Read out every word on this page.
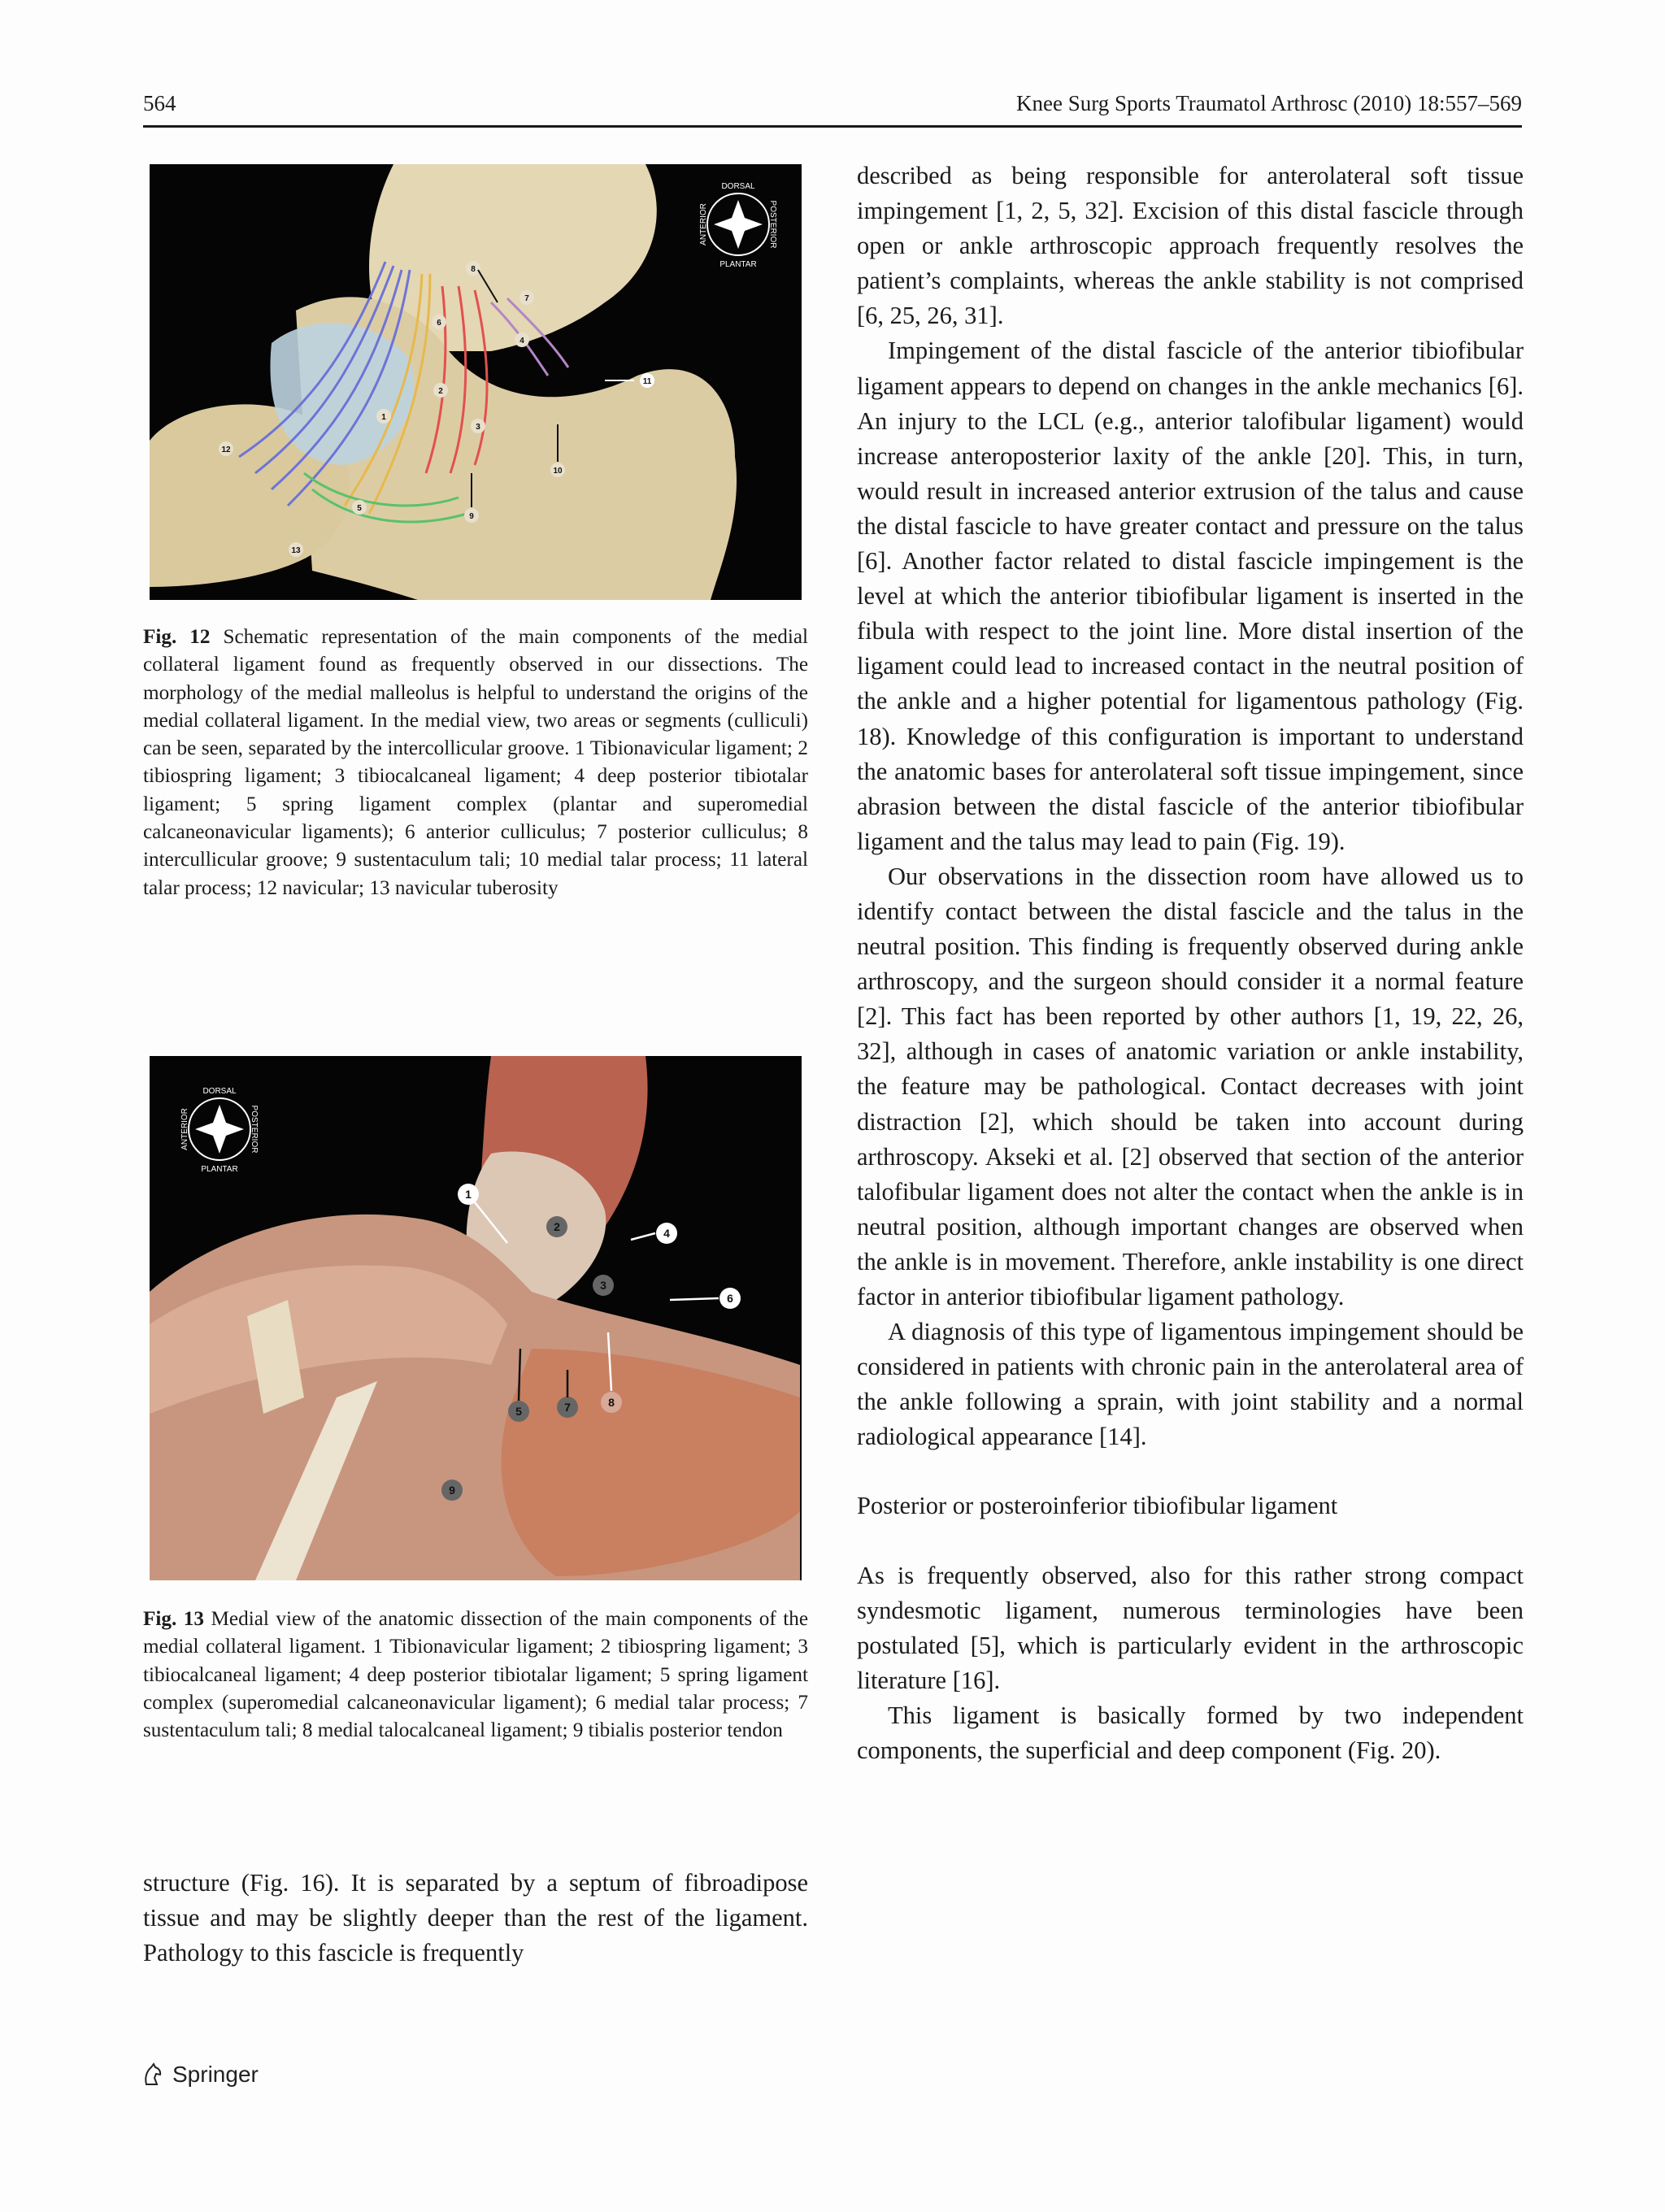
564	Knee Surg Sports Traumatol Arthrosc (2010) 18:557–569
DORSAL
PLANTAR
ANTERIOR	POSTERIOR
1
2
3
4
5
6
7
8
9
10
11
12
13
Fig. 12 Schematic representation of the main components of the medial collateral ligament found as frequently observed in our dissections. The morphology of the medial malleolus is helpful to understand the origins of the medial collateral ligament. In the medial view, two areas or segments (culliculi) can be seen, separated by the intercollicular groove. 1 Tibionavicular ligament; 2 tibiospring ligament; 3 tibiocalcaneal ligament; 4 deep posterior tibiotalar ligament; 5 spring ligament complex (plantar and superomedial calcaneonavicular ligaments); 6 anterior culliculus; 7 posterior culliculus; 8 intercullicular groove; 9 sustentaculum tali; 10 medial talar process; 11 lateral talar process; 12 navicular; 13 navicular tuberosity
DORSAL
PLANTAR
ANTERIOR	POSTERIOR
1
2
3
4
5
6
7	8
9
Fig. 13 Medial view of the anatomic dissection of the main components of the medial collateral ligament. 1 Tibionavicular ligament; 2 tibiospring ligament; 3 tibiocalcaneal ligament; 4 deep posterior tibiotalar ligament; 5 spring ligament complex (superomedial calcaneonavicular ligament); 6 medial talar process; 7 sustentaculum tali; 8 medial talocalcaneal ligament; 9 tibialis posterior tendon

structure (Fig. 16). It is separated by a septum of fibroadipose tissue and may be slightly deeper than the rest of the ligament. Pathology to this fascicle is frequently

described as being responsible for anterolateral soft tissue impingement [1, 2, 5, 32]. Excision of this distal fascicle through open or ankle arthroscopic approach frequently resolves the patient’s complaints, whereas the ankle stability is not comprised [6, 25, 26, 31].

Impingement of the distal fascicle of the anterior tibiofibular ligament appears to depend on changes in the ankle mechanics [6]. An injury to the LCL (e.g., anterior talofibular ligament) would increase anteroposterior laxity of the ankle [20]. This, in turn, would result in increased anterior extrusion of the talus and cause the distal fascicle to have greater contact and pressure on the talus [6]. Another factor related to distal fascicle impingement is the level at which the anterior tibiofibular ligament is inserted in the fibula with respect to the joint line. More distal insertion of the ligament could lead to increased contact in the neutral position of the ankle and a higher potential for ligamentous pathology (Fig. 18). Knowledge of this configuration is important to understand the anatomic bases for anterolateral soft tissue impingement, since abrasion between the distal fascicle of the anterior tibiofibular ligament and the talus may lead to pain (Fig. 19).

Our observations in the dissection room have allowed us to identify contact between the distal fascicle and the talus in the neutral position. This finding is frequently observed during ankle arthroscopy, and the surgeon should consider it a normal feature [2]. This fact has been reported by other authors [1, 19, 22, 26, 32], although in cases of anatomic variation or ankle instability, the feature may be pathological. Contact decreases with joint distraction [2], which should be taken into account during arthroscopy. Akseki et al. [2] observed that section of the anterior talofibular ligament does not alter the contact when the ankle is in neutral position, although important changes are observed when the ankle is in movement. Therefore, ankle instability is one direct factor in anterior tibiofibular ligament pathology.

A diagnosis of this type of ligamentous impingement should be considered in patients with chronic pain in the anterolateral area of the ankle following a sprain, with joint stability and a normal radiological appearance [14].

Posterior or posteroinferior tibiofibular ligament

As is frequently observed, also for this rather strong compact syndesmotic ligament, numerous terminologies have been postulated [5], which is particularly evident in the arthroscopic literature [16].

This ligament is basically formed by two independent components, the superficial and deep component (Fig. 20).

Springer
